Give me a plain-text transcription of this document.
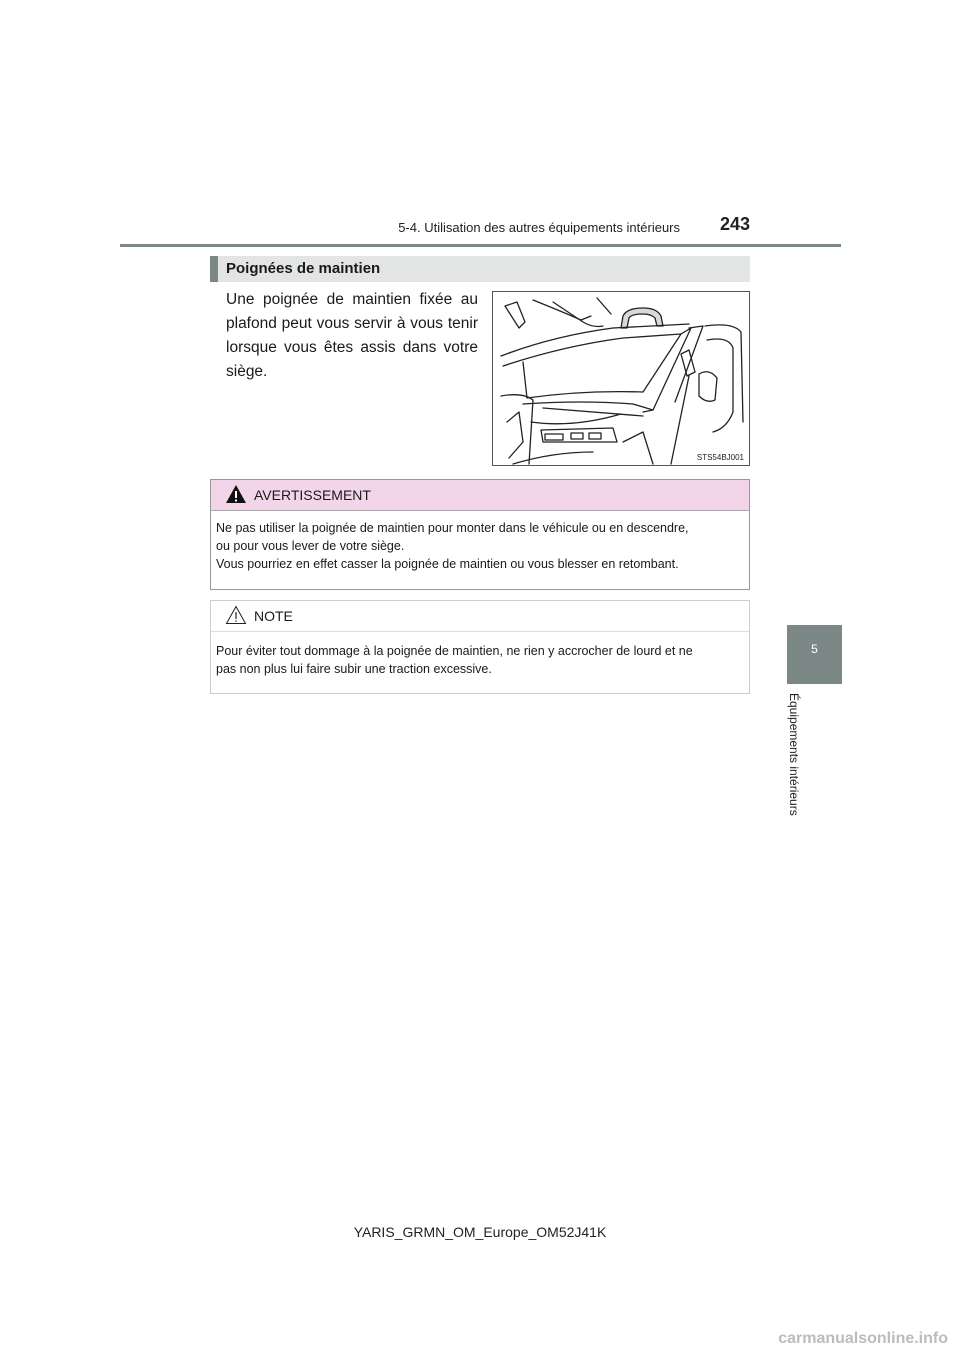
5-4. Utilisation des autres équipements intérieurs 243
5
Équipements intérieurs
Poignées de maintien

Une poignée de maintien fixée au plafond peut vous servir à vous tenir lorsque vous êtes assis dans votre siège.

STS54BJ001
AVERTISSEMENT

Ne pas utiliser la poignée de maintien pour monter dans le véhicule ou en descendre,
ou pour vous lever de votre siège.
Vous pourriez en effet casser la poignée de maintien ou vous blesser en retombant.

NOTE

Pour éviter tout dommage à la poignée de maintien, ne rien y accrocher de lourd et ne
pas non plus lui faire subir une traction excessive.

YARIS_GRMN_OM_Europe_OM52J41K
carmanualsonline.info
